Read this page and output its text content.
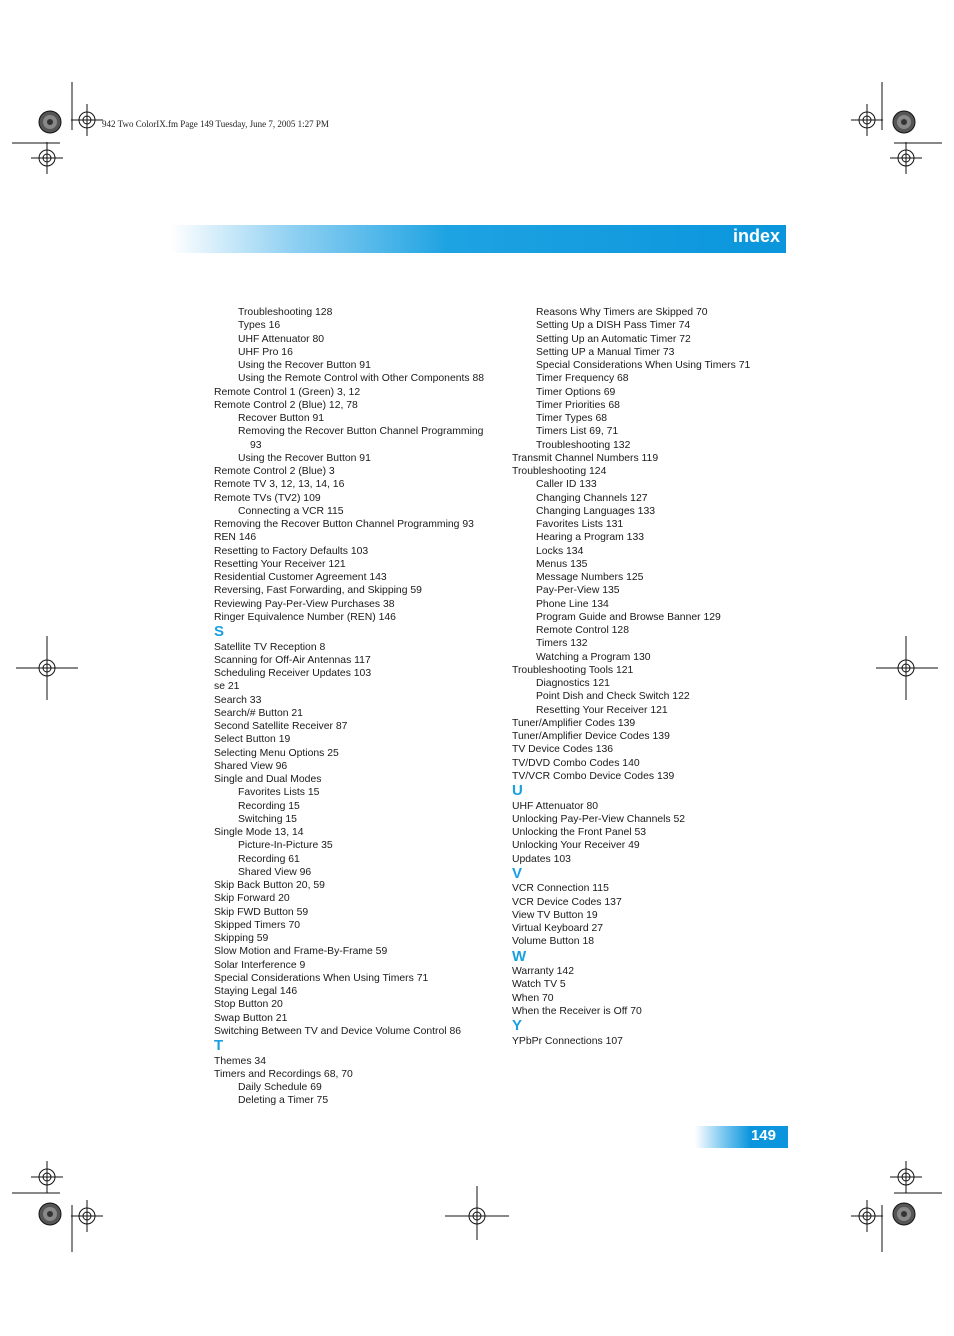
942 Two ColorIX.fm Page 149 Tuesday, June 7, 2005 1:27 PM
index
Troubleshooting 128
Types 16
UHF Attenuator 80
UHF Pro 16
Using the Recover Button 91
Using the Remote Control with Other Components 88
Remote Control 1 (Green) 3, 12
Remote Control 2 (Blue) 12, 78
Recover Button 91
Removing the Recover Button Channel Programming
93
Using the Recover Button 91
Remote Control 2 (Blue) 3
Remote TV 3, 12, 13, 14, 16
Remote TVs (TV2) 109
Connecting a VCR 115
Removing the Recover Button Channel Programming 93
REN 146
Resetting to Factory Defaults 103
Resetting Your Receiver 121
Residential Customer Agreement 143
Reversing, Fast Forwarding, and Skipping 59
Reviewing Pay-Per-View Purchases 38
Ringer Equivalence Number (REN) 146
S
Satellite TV Reception 8
Scanning for Off-Air Antennas 117
Scheduling Receiver Updates 103
se 21
Search 33
Search/# Button 21
Second Satellite Receiver 87
Select Button 19
Selecting Menu Options 25
Shared View 96
Single and Dual Modes
Favorites Lists 15
Recording 15
Switching 15
Single Mode 13, 14
Picture-In-Picture 35
Recording 61
Shared View 96
Skip Back Button 20, 59
Skip Forward 20
Skip FWD Button 59
Skipped Timers 70
Skipping 59
Slow Motion and Frame-By-Frame 59
Solar Interference 9
Special Considerations When Using Timers 71
Staying Legal 146
Stop Button 20
Swap Button 21
Switching Between TV and Device Volume Control 86
T
Themes 34
Timers and Recordings 68, 70
Daily Schedule 69
Deleting a Timer 75
Reasons Why Timers are Skipped 70
Setting Up a DISH Pass Timer 74
Setting Up an Automatic Timer 72
Setting UP a Manual Timer 73
Special Considerations When Using Timers 71
Timer Frequency 68
Timer Options 69
Timer Priorities 68
Timer Types 68
Timers List 69, 71
Troubleshooting 132
Transmit Channel Numbers 119
Troubleshooting 124
Caller ID 133
Changing Channels 127
Changing Languages 133
Favorites Lists 131
Hearing a Program 133
Locks 134
Menus 135
Message Numbers 125
Pay-Per-View 135
Phone Line 134
Program Guide and Browse Banner 129
Remote Control 128
Timers 132
Watching a Program 130
Troubleshooting Tools 121
Diagnostics 121
Point Dish and Check Switch 122
Resetting Your Receiver 121
Tuner/Amplifier Codes 139
Tuner/Amplifier Device Codes 139
TV Device Codes 136
TV/DVD Combo Codes 140
TV/VCR Combo Device Codes 139
U
UHF Attenuator 80
Unlocking Pay-Per-View Channels 52
Unlocking the Front Panel 53
Unlocking Your Receiver 49
Updates 103
V
VCR Connection 115
VCR Device Codes 137
View TV Button 19
Virtual Keyboard 27
Volume Button 18
W
Warranty 142
Watch TV 5
When 70
When the Receiver is Off 70
Y
YPbPr Connections 107
149
